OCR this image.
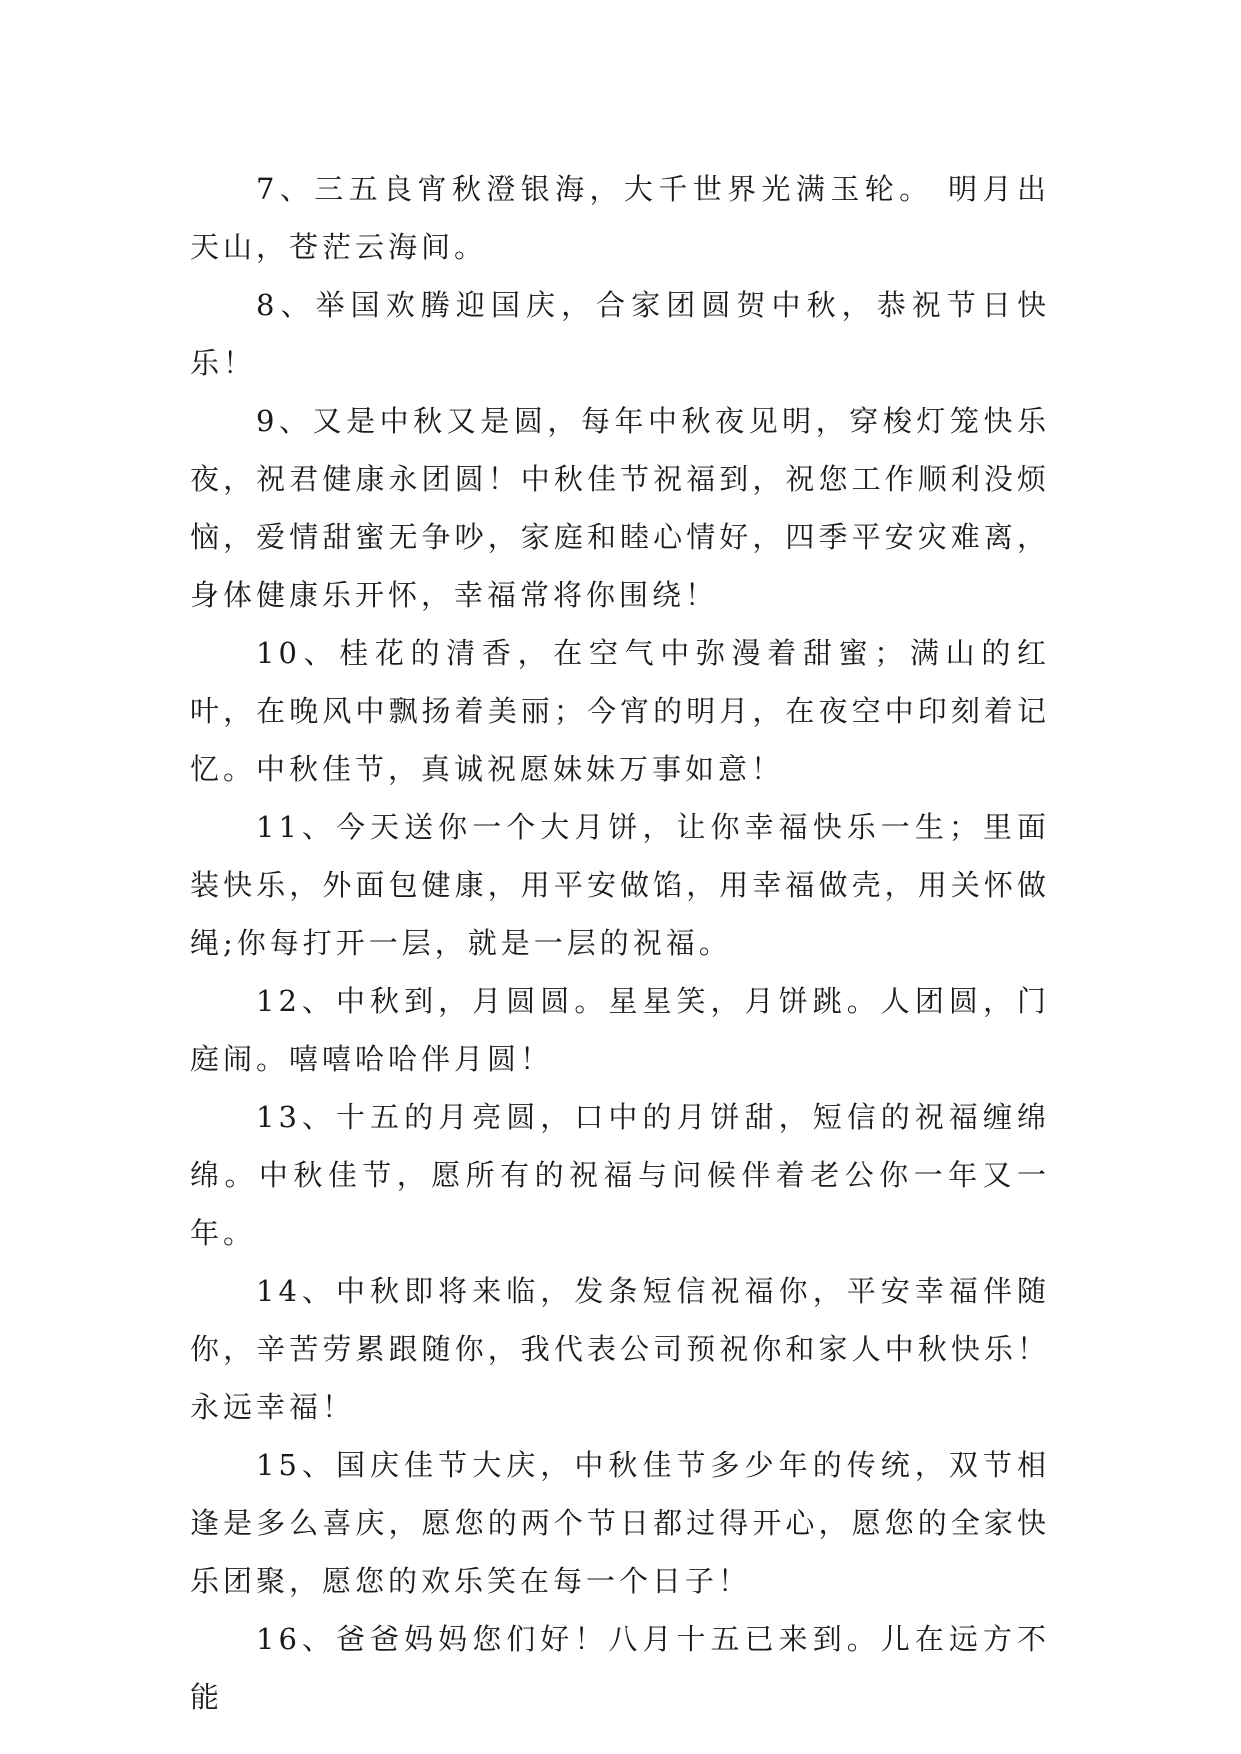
7、三五良宵秋澄银海，大千世界光满玉轮。 明月出天山，苍茫云海间。

8、举国欢腾迎国庆，合家团圆贺中秋，恭祝节日快乐！

9、又是中秋又是圆，每年中秋夜见明，穿梭灯笼快乐夜，祝君健康永团圆！中秋佳节祝福到，祝您工作顺利没烦恼，爱情甜蜜无争吵，家庭和睦心情好，四季平安灾难离，身体健康乐开怀，幸福常将你围绕！

10、桂花的清香，在空气中弥漫着甜蜜；满山的红叶，在晚风中飘扬着美丽；今宵的明月，在夜空中印刻着记忆。中秋佳节，真诚祝愿妹妹万事如意！

11、今天送你一个大月饼，让你幸福快乐一生；里面装快乐，外面包健康，用平安做馅，用幸福做壳，用关怀做绳;你每打开一层，就是一层的祝福。

12、中秋到，月圆圆。星星笑，月饼跳。人团圆，门庭闹。嘻嘻哈哈伴月圆！

13、十五的月亮圆，口中的月饼甜，短信的祝福缠绵绵。中秋佳节，愿所有的祝福与问候伴着老公你一年又一年。

14、中秋即将来临，发条短信祝福你，平安幸福伴随你，辛苦劳累跟随你，我代表公司预祝你和家人中秋快乐！永远幸福！

15、国庆佳节大庆，中秋佳节多少年的传统，双节相逢是多么喜庆，愿您的两个节日都过得开心，愿您的全家快乐团聚，愿您的欢乐笑在每一个日子！

16、爸爸妈妈您们好！八月十五已来到。儿在远方不能
